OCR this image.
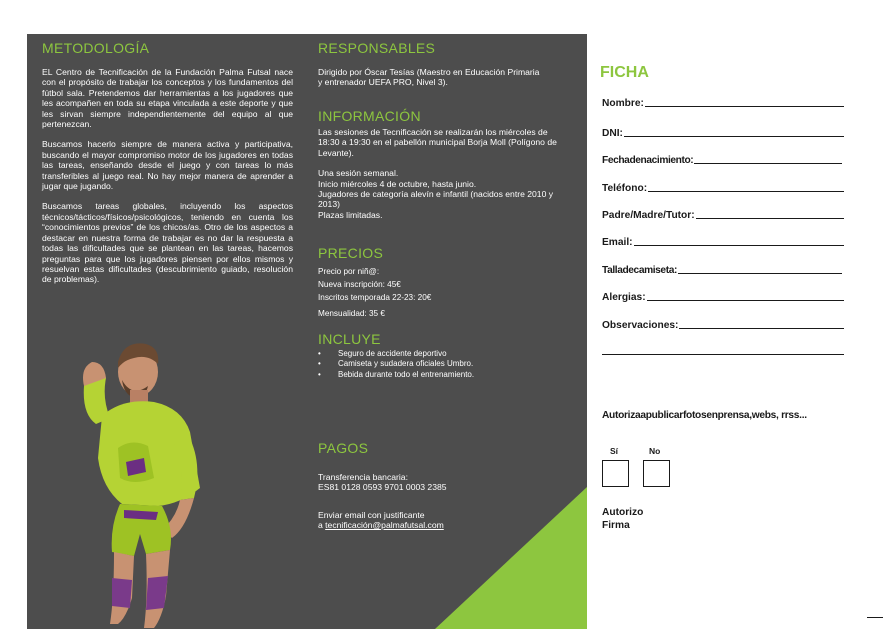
METODOLOGÍA

EL Centro de Tecnificación de la Fundación Palma Futsal nace con el propósito de trabajar los conceptos y los fundamentos del fútbol sala. Pretendemos dar herramientas a los jugadores que les acompañen en toda su etapa vinculada a este deporte y que les sirvan siempre independientemente del equipo al que pertenezcan.

Buscamos hacerlo siempre de manera activa y participativa, buscando el mayor compromiso motor de los jugadores en todas las tareas, enseñando desde el juego y con tareas lo más transferibles al juego real. No hay mejor manera de aprender a jugar que jugando.

Buscamos tareas globales, incluyendo los aspectos técnicos/tácticos/físicos/psicológicos, teniendo en cuenta los “conocimientos previos” de los chicos/as. Otro de los aspectos a destacar en nuestra forma de trabajar es no dar la respuesta a todas las dificultades que se plantean en las tareas, hacemos preguntas para que los jugadores piensen por ellos mismos y resuelvan estas dificultades (descubrimiento guiado, resolución de problemas).

RESPONSABLES
Dirigido por Óscar Tesías (Maestro en Educación Primaria y entrenador UEFA PRO, Nivel 3).
INFORMACIÓN

Las sesiones de Tecnificación se realizarán los miércoles de 18:30 a 19:30 en el pabellón municipal Borja Moll (Polígono de Levante).

Una sesión semanal.

Inicio miércoles 4 de octubre, hasta junio.

Jugadores de categoría alevín e infantil (nacidos entre 2010 y 2013)

Plazas limitadas.

PRECIOS

Precio por niñ@:

Nueva inscripción: 45€

Inscritos temporada 22-23: 20€

Mensualidad: 35 €

INCLUYE
• Seguro de accidente deportivo
• Camiseta y sudadera oficiales Umbro.
• Bebida durante todo el entrenamiento.
PAGOS

Transferencia bancaria:

ES81 0128 0593 9701 0003 2385

Enviar email con justificante

a tecnificación@palmafutsal.com

FICHA
Nombre:
DNI:
Fechadenacimiento:
Teléfono:
Padre/Madre/Tutor:
Email:
Talladecamiseta:
Alergias:
Observaciones:
Autorizaapublicarfotosenprensa,webs, rrss...
Sí	No
Autorizo
Firma
